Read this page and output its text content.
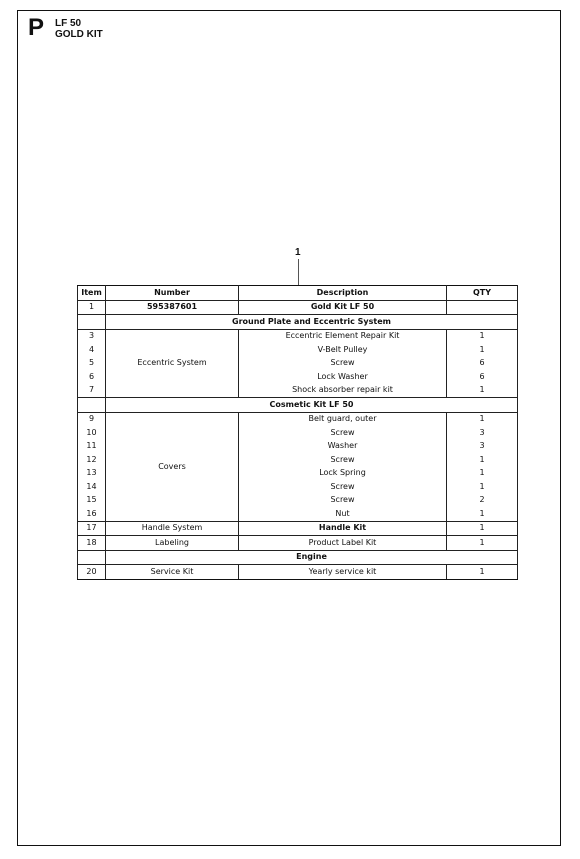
P LF 50
GOLD KIT
1
Item	Number	Description	QTY
1	595387601	Gold Kit LF 50	
	Ground Plate and Eccentric System		
3	Eccentric System	Eccentric Element Repair Kit	1
4		V-Belt Pulley	1
5		Screw	6
6		Lock Washer	6
7		Shock absorber repair kit	1
	Cosmetic Kit LF 50		
9	Covers	Belt guard, outer	1
10		Screw	3
11		Washer	3
12		Screw	1
13		Lock Spring	1
14		Screw	1
15		Screw	2
16		Nut	1
17	Handle System	Handle Kit	1
18	Labeling	Product Label Kit	1
	Engine		
20	Service Kit	Yearly service kit	1
